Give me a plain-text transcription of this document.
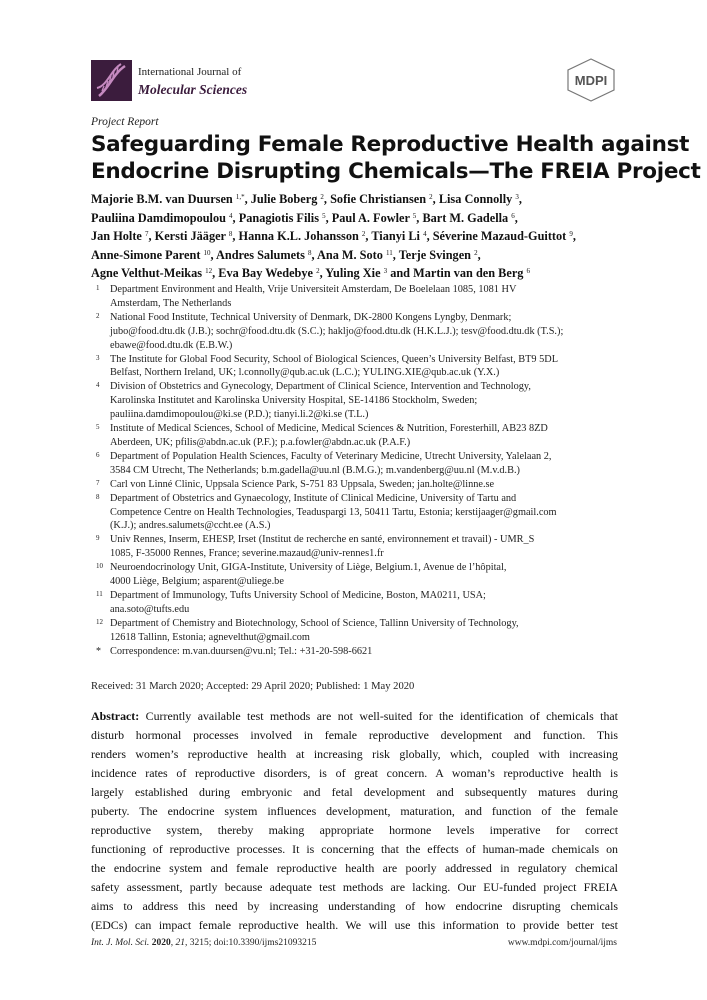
International Journal of
Molecular Sciences
MDPI
Project Report
Safeguarding Female Reproductive Health against
Endocrine Disrupting Chemicals—The FREIA Project
Majorie B.M. van Duursen $^{1,*}$, Julie Boberg $^2$, Sofie Christiansen $^2$, Lisa Connolly $^3$,
Pauliina Damdimopoulou $^4$, Panagiotis Filis $^5$, Paul A. Fowler $^5$, Bart M. Gadella $^6$,
Jan Holte $^7$, Kersti Jääger $^8$, Hanna K.L. Johansson $^2$, Tianyi Li $^4$, Séverine Mazaud-Guittot $^9$,
Anne-Simone Parent $^{10}$, Andres Salumets $^8$, Ana M. Soto $^{11}$, Terje Svingen $^2$,
Agne Velthut-Meikas $^{12}$, Eva Bay Wedebye $^2$, Yuling Xie $^3$ and Martin van den Berg $^6$
1 Department Environment and Health, Vrije Universiteit Amsterdam, De Boelelaan 1085, 1081 HV
Amsterdam, The Netherlands
2 National Food Institute, Technical University of Denmark, DK-2800 Kongens Lyngby, Denmark;
jubo@food.dtu.dk (J.B.); sochr@food.dtu.dk (S.C.); hakljo@food.dtu.dk (H.K.L.J.); tesv@food.dtu.dk (T.S.);
ebawe@food.dtu.dk (E.B.W.)
3 The Institute for Global Food Security, School of Biological Sciences, Queen’s University Belfast, BT9 5DL
Belfast, Northern Ireland, UK; l.connolly@qub.ac.uk (L.C.); YULING.XIE@qub.ac.uk (Y.X.)
4 Division of Obstetrics and Gynecology, Department of Clinical Science, Intervention and Technology,
Karolinska Institutet and Karolinska University Hospital, SE-14186 Stockholm, Sweden;
pauliina.damdimopoulou@ki.se (P.D.); tianyi.li.2@ki.se (T.L.)
5 Institute of Medical Sciences, School of Medicine, Medical Sciences & Nutrition, Foresterhill, AB23 8ZD
Aberdeen, UK; pfilis@abdn.ac.uk (P.F.); p.a.fowler@abdn.ac.uk (P.A.F.)
6 Department of Population Health Sciences, Faculty of Veterinary Medicine, Utrecht University, Yalelaan 2,
3584 CM Utrecht, The Netherlands; b.m.gadella@uu.nl (B.M.G.); m.vandenberg@uu.nl (M.v.d.B.)
7 Carl von Linné Clinic, Uppsala Science Park, S-751 83 Uppsala, Sweden; jan.holte@linne.se
8 Department of Obstetrics and Gynaecology, Institute of Clinical Medicine, University of Tartu and
Competence Centre on Health Technologies, Teaduspargi 13, 50411 Tartu, Estonia; kerstijaager@gmail.com
(K.J.); andres.salumets@ccht.ee (A.S.)
9 Univ Rennes, Inserm, EHESP, Irset (Institut de recherche en santé, environnement et travail) - UMR_S
1085, F-35000 Rennes, France; severine.mazaud@univ-rennes1.fr
10 Neuroendocrinology Unit, GIGA-Institute, University of Liège, Belgium.1, Avenue de l’hôpital,
4000 Liège, Belgium; asparent@uliege.be
11 Department of Immunology, Tufts University School of Medicine, Boston, MA0211, USA;
ana.soto@tufts.edu
12 Department of Chemistry and Biotechnology, School of Science, Tallinn University of Technology,
12618 Tallinn, Estonia; agnevelthut@gmail.com
* Correspondence: m.van.duursen@vu.nl; Tel.: +31-20-598-6621
Received: 31 March 2020; Accepted: 29 April 2020; Published: 1 May 2020
Abstract: Currently available test methods are not well-suited for the identification of chemicals that
disturb hormonal processes involved in female reproductive development and function. This
renders women’s reproductive health at increasing risk globally, which, coupled with increasing
incidence rates of reproductive disorders, is of great concern. A woman’s reproductive health is
largely established during embryonic and fetal development and subsequently matures during
puberty. The endocrine system influences development, maturation, and function of the female
reproductive system, thereby making appropriate hormone levels imperative for correct
functioning of reproductive processes. It is concerning that the effects of human-made chemicals on
the endocrine system and female reproductive health are poorly addressed in regulatory chemical
safety assessment, partly because adequate test methods are lacking. Our EU-funded project FREIA
aims to address this need by increasing understanding of how endocrine disrupting chemicals
(EDCs) can impact female reproductive health. We will use this information to provide better test
Int. J. Mol. Sci. 2020, 21, 3215; doi:10.3390/ijms21093215	www.mdpi.com/journal/ijms
